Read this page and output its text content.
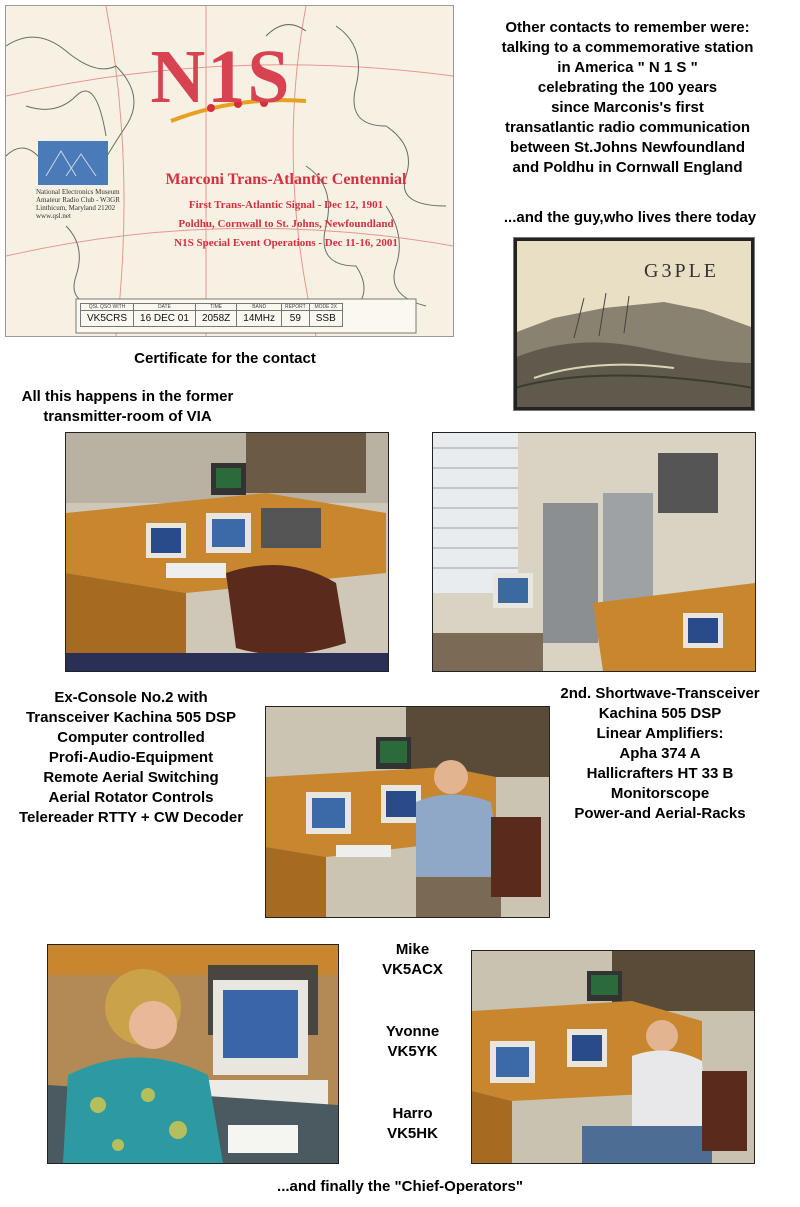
N1S
Marconi Trans-Atlantic Centennial
First Trans-Atlantic Signal - Dec 12, 1901
Poldhu, Cornwall to St. Johns, Newfoundland
N1S Special Event Operations - Dec 11-16, 2001
National Electronics Museum
Amateur Radio Club - W3GR
Linthicum, Maryland 21202
www.qsl.net
QSL QSO WITH	DATE	TIME	BAND	REPORT	MODE 2X
VK5CRS	16 DEC 01	2058Z	14MHz	59	SSB
Other contacts to remember were:
talking to a commemorative station
in America " N 1 S "
celebrating the 100 years
since Marconis's first
transatlantic radio communication
between St.Johns Newfoundland
and Poldhu in Cornwall England
...and the guy,who lives there today
G3PLE
Certificate for the contact
All this happens in the former
transmitter-room of VIA
Ex-Console No.2 with
Transceiver Kachina 505 DSP
Computer controlled
Profi-Audio-Equipment
Remote Aerial Switching
Aerial Rotator Controls
Telereader RTTY + CW Decoder
2nd. Shortwave-Transceiver
Kachina 505 DSP
Linear Amplifiers:
Apha 374 A
Hallicrafters HT 33 B
Monitorscope
Power-and Aerial-Racks
Mike
VK5ACX
Yvonne
VK5YK
Harro
VK5HK
...and finally the "Chief-Operators"
